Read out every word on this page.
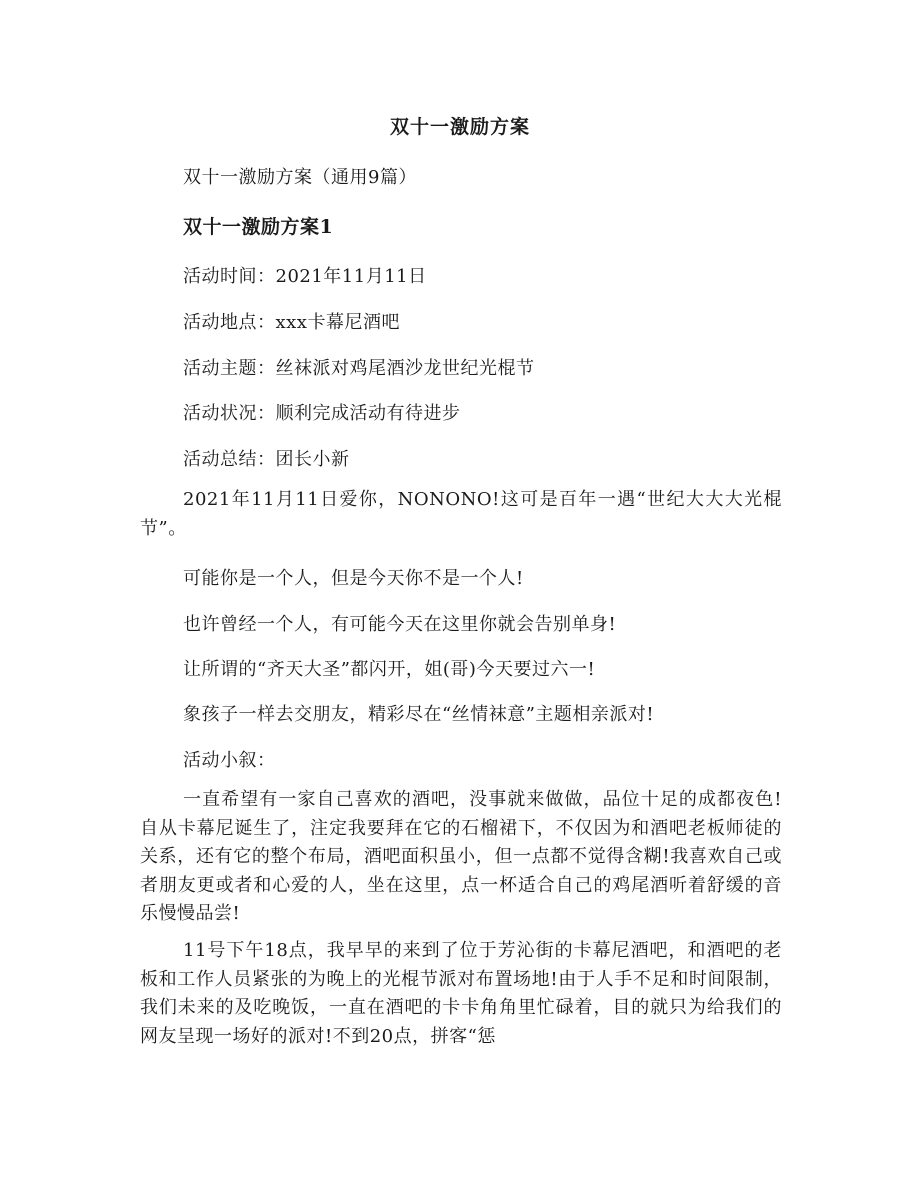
双十一激励方案
双十一激励方案（通用9篇）
双十一激励方案1
活动时间：2021年11月11日
活动地点：xxx卡幕尼酒吧
活动主题：丝袜派对鸡尾酒沙龙世纪光棍节
活动状况：顺利完成活动有待进步
活动总结：团长小新
2021年11月11日爱你，NONONO!这可是百年一遇“世纪大大大光棍节”。
可能你是一个人，但是今天你不是一个人!
也许曾经一个人，有可能今天在这里你就会告别单身!
让所谓的“齐天大圣”都闪开，姐(哥)今天要过六一!
象孩子一样去交朋友，精彩尽在“丝情袜意”主题相亲派对!
活动小叙：
一直希望有一家自己喜欢的酒吧，没事就来做做，品位十足的成都夜色!自从卡幕尼诞生了，注定我要拜在它的石榴裙下，不仅因为和酒吧老板师徒的关系，还有它的整个布局，酒吧面积虽小，但一点都不觉得含糊!我喜欢自己或者朋友更或者和心爱的人，坐在这里，点一杯适合自己的鸡尾酒听着舒缓的音乐慢慢品尝!
11号下午18点，我早早的来到了位于芳沁街的卡幕尼酒吧，和酒吧的老板和工作人员紧张的为晚上的光棍节派对布置场地!由于人手不足和时间限制，我们未来的及吃晚饭，一直在酒吧的卡卡角角里忙碌着，目的就只为给我们的网友呈现一场好的派对!不到20点，拼客“惩
